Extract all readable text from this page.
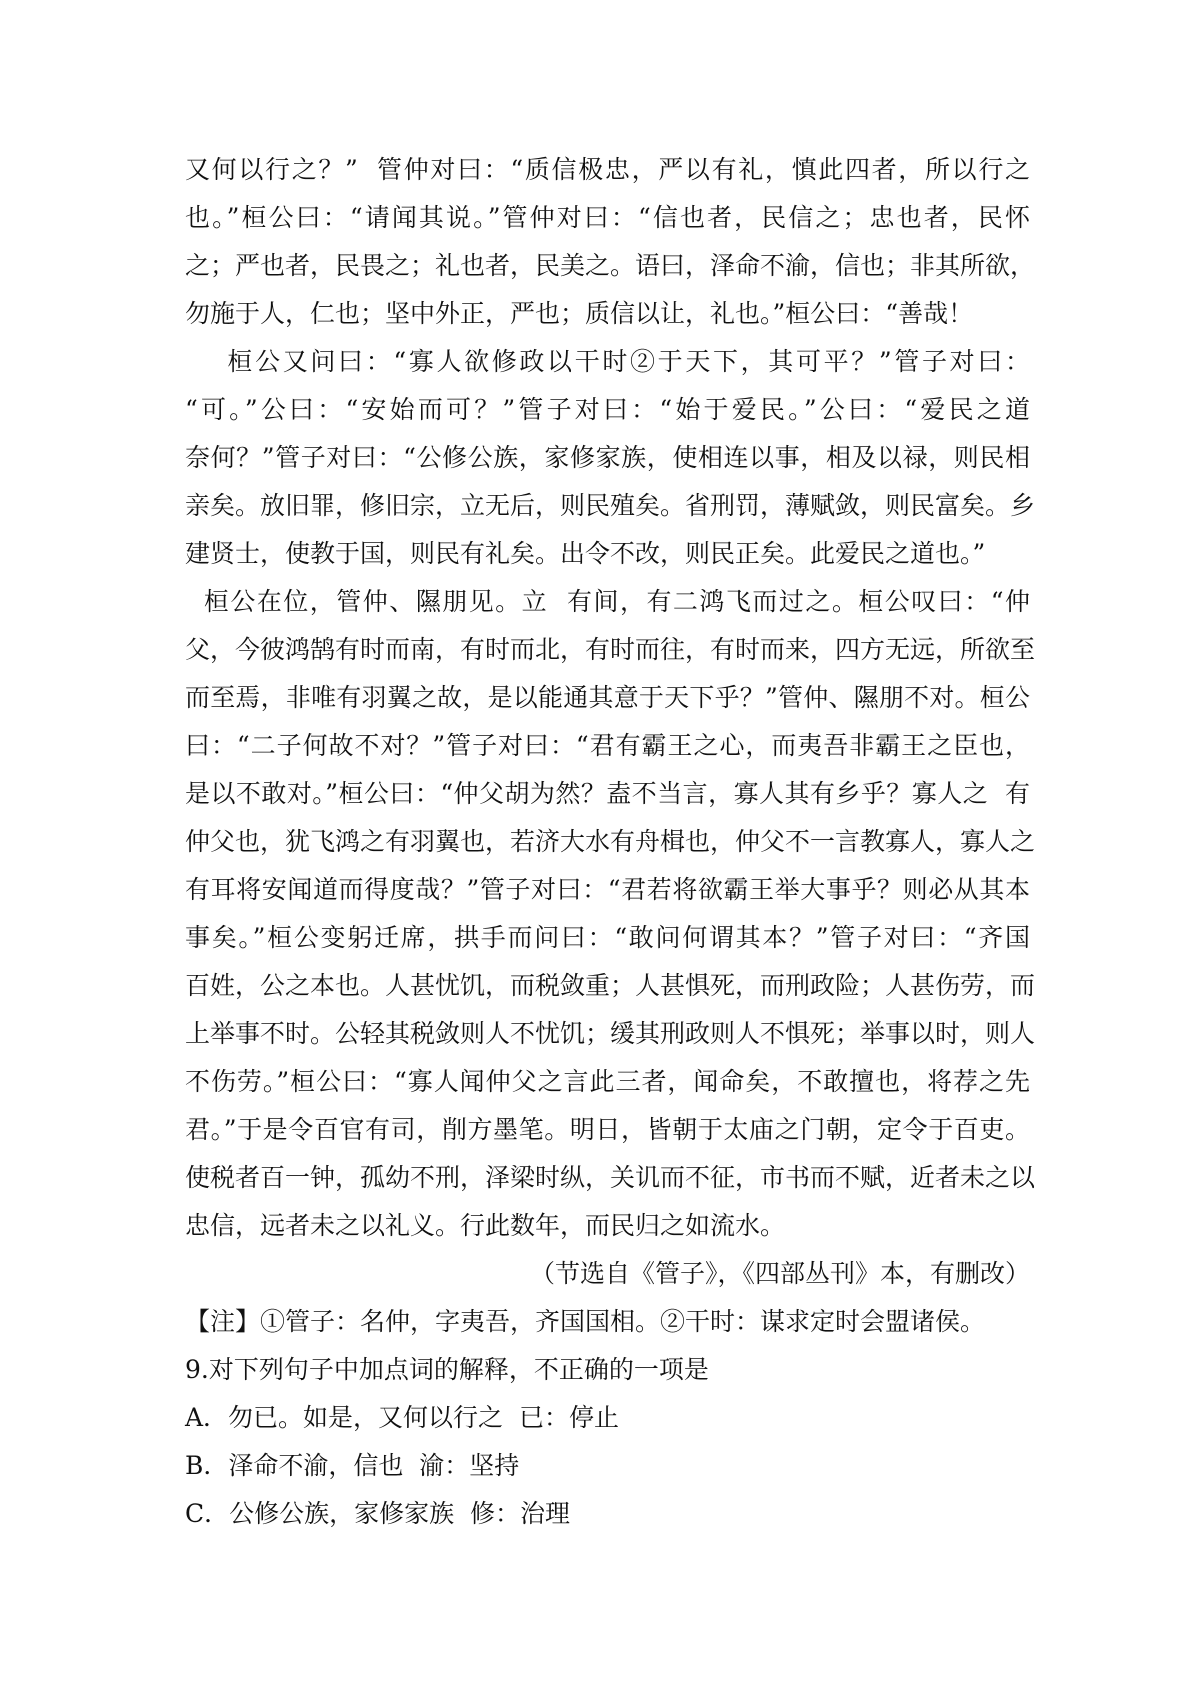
又何以行之？”  管仲对曰：“质信极忠，严以有礼，慎此四者，所以行之
也。”桓公曰：“请闻其说。”管仲对曰：“信也者，民信之；忠也者，民怀
之；严也者，民畏之；礼也者，民美之。语曰，泽命不渝，信也；非其所欲，
勿施于人，仁也；坚中外正，严也；质信以让，礼也。”桓公曰：“善哉！
桓公又问曰：“寡人欲修政以干时②于天下，其可平？”管子对曰：
“可。”公曰：“安始而可？”管子对曰：“始于爱民。”公曰：“爱民之道
奈何？”管子对曰：“公修公族，家修家族，使相连以事，相及以禄，则民相
亲矣。放旧罪，修旧宗，立无后，则民殖矣。省刑罚，薄赋敛，则民富矣。乡
建贤士，使教于国，则民有礼矣。出令不改，则民正矣。此爱民之道也。”
桓公在位，管仲、隰朋见。立  有间，有二鸿飞而过之。桓公叹曰：“仲
父，今彼鸿鹄有时而南，有时而北，有时而往，有时而来，四方无远，所欲至
而至焉，非唯有羽翼之故，是以能通其意于天下乎？”管仲、隰朋不对。桓公
曰：“二子何故不对？”管子对曰：“君有霸王之心，而夷吾非霸王之臣也，
是以不敢对。”桓公曰：“仲父胡为然？盍不当言，寡人其有乡乎？寡人之  有
仲父也，犹飞鸿之有羽翼也，若济大水有舟楫也，仲父不一言教寡人，寡人之
有耳将安闻道而得度哉？”管子对曰：“君若将欲霸王举大事乎？则必从其本
事矣。”桓公变躬迁席，拱手而问曰：“敢问何谓其本？”管子对曰：“齐国
百姓，公之本也。人甚忧饥，而税敛重；人甚惧死，而刑政险；人甚伤劳，而
上举事不时。公轻其税敛则人不忧饥；缓其刑政则人不惧死；举事以时，则人
不伤劳。”桓公曰：“寡人闻仲父之言此三者，闻命矣，不敢擅也，将荐之先
君。”于是令百官有司，削方墨笔。明日，皆朝于太庙之门朝，定令于百吏。
使税者百一钟，孤幼不刑，泽梁时纵，关讥而不征，市书而不赋，近者未之以
忠信，远者未之以礼义。行此数年，而民归之如流水。
（节选自《管子》，《四部丛刊》本，有删改）
【注】①管子：名仲，字夷吾，齐国国相。②干时：谋求定时会盟诸侯。
9.对下列句子中加点词的解释，不正确的一项是
A．勿已。如是，又何以行之  已：停止
B．泽命不渝，信也  渝：坚持
C．公修公族，家修家族  修：治理
